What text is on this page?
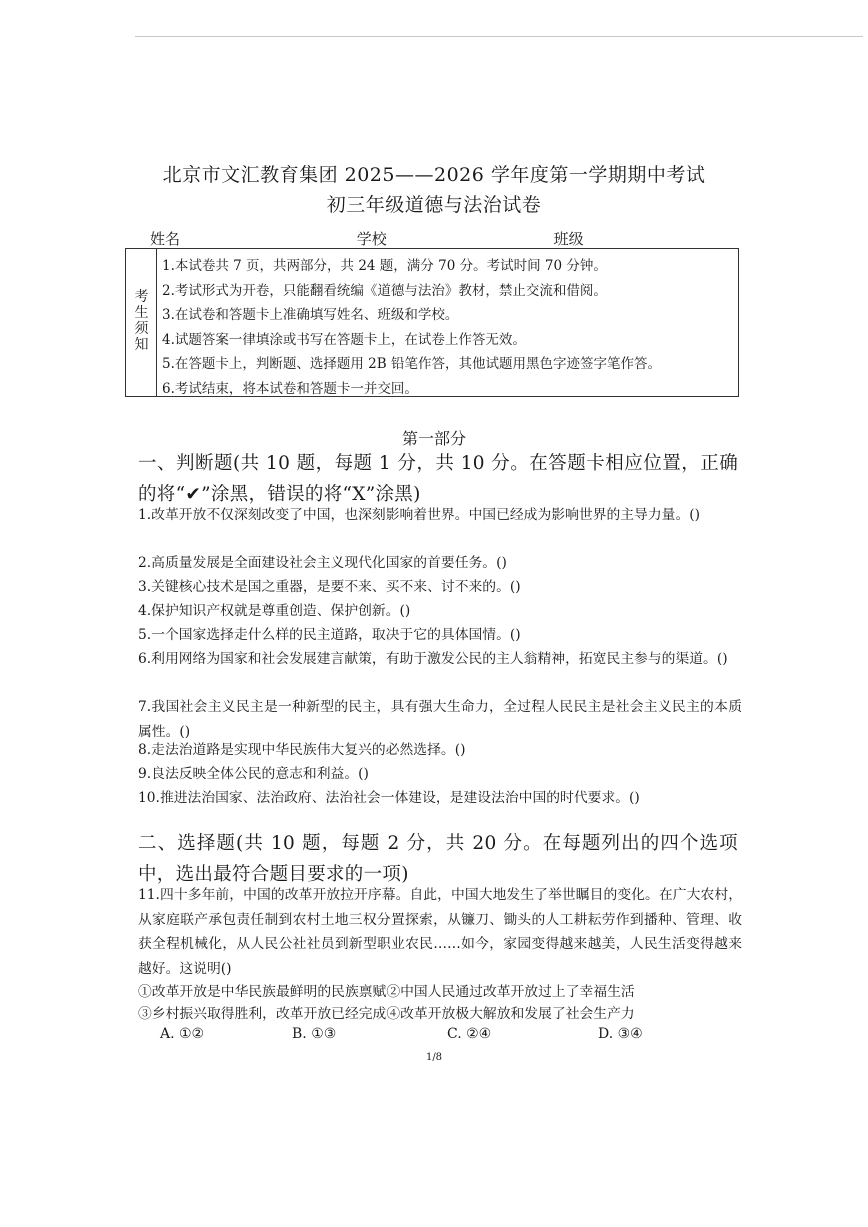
北京市文汇教育集团 2025——2026 学年度第一学期期中考试
初三年级道德与法治试卷
姓名	学校	班级
考
生
须
知
1.本试卷共 7 页，共两部分，共 24 题，满分 70 分。考试时间 70 分钟。
2.考试形式为开卷，只能翻看统编《道德与法治》教材，禁止交流和借阅。
3.在试卷和答题卡上准确填写姓名、班级和学校。
4.试题答案一律填涂或书写在答题卡上，在试卷上作答无效。
5.在答题卡上，判断题、选择题用 2B 铅笔作答，其他试题用黑色字迹签字笔作答。
6.考试结束，将本试卷和答题卡一并交回。
第一部分
一、判断题(共 10 题，每题 1 分，共 10 分。在答题卡相应位置，正确的将“✔”涂黑，错误的将“X”涂黑)
1.改革开放不仅深刻改变了中国，也深刻影响着世界。中国已经成为影响世界的主导力量。()
2.高质量发展是全面建设社会主义现代化国家的首要任务。()
3.关键核心技术是国之重器，是要不来、买不来、讨不来的。()
4.保护知识产权就是尊重创造、保护创新。()
5.一个国家选择走什么样的民主道路，取决于它的具体国情。()
6.利用网络为国家和社会发展建言献策，有助于激发公民的主人翁精神，拓宽民主参与的渠道。()
7.我国社会主义民主是一种新型的民主，具有强大生命力，全过程人民民主是社会主义民主的本质属性。()
8.走法治道路是实现中华民族伟大复兴的必然选择。()
9.良法反映全体公民的意志和利益。()
10.推进法治国家、法治政府、法治社会一体建设，是建设法治中国的时代要求。()
二、选择题(共 10 题，每题 2 分，共 20 分。在每题列出的四个选项中，选出最符合题目要求的一项)
11.四十多年前，中国的改革开放拉开序幕。自此，中国大地发生了举世瞩目的变化。在广大农村，从家庭联产承包责任制到农村土地三权分置探索，从镰刀、锄头的人工耕耘劳作到播种、管理、收获全程机械化，从人民公社社员到新型职业农民……如今，家园变得越来越美，人民生活变得越来越好。这说明()
①改革开放是中华民族最鲜明的民族禀赋②中国人民通过改革开放过上了幸福生活
③乡村振兴取得胜利，改革开放已经完成④改革开放极大解放和发展了社会生产力
A. ①②	B. ①③	C. ②④	D. ③④
1/8
